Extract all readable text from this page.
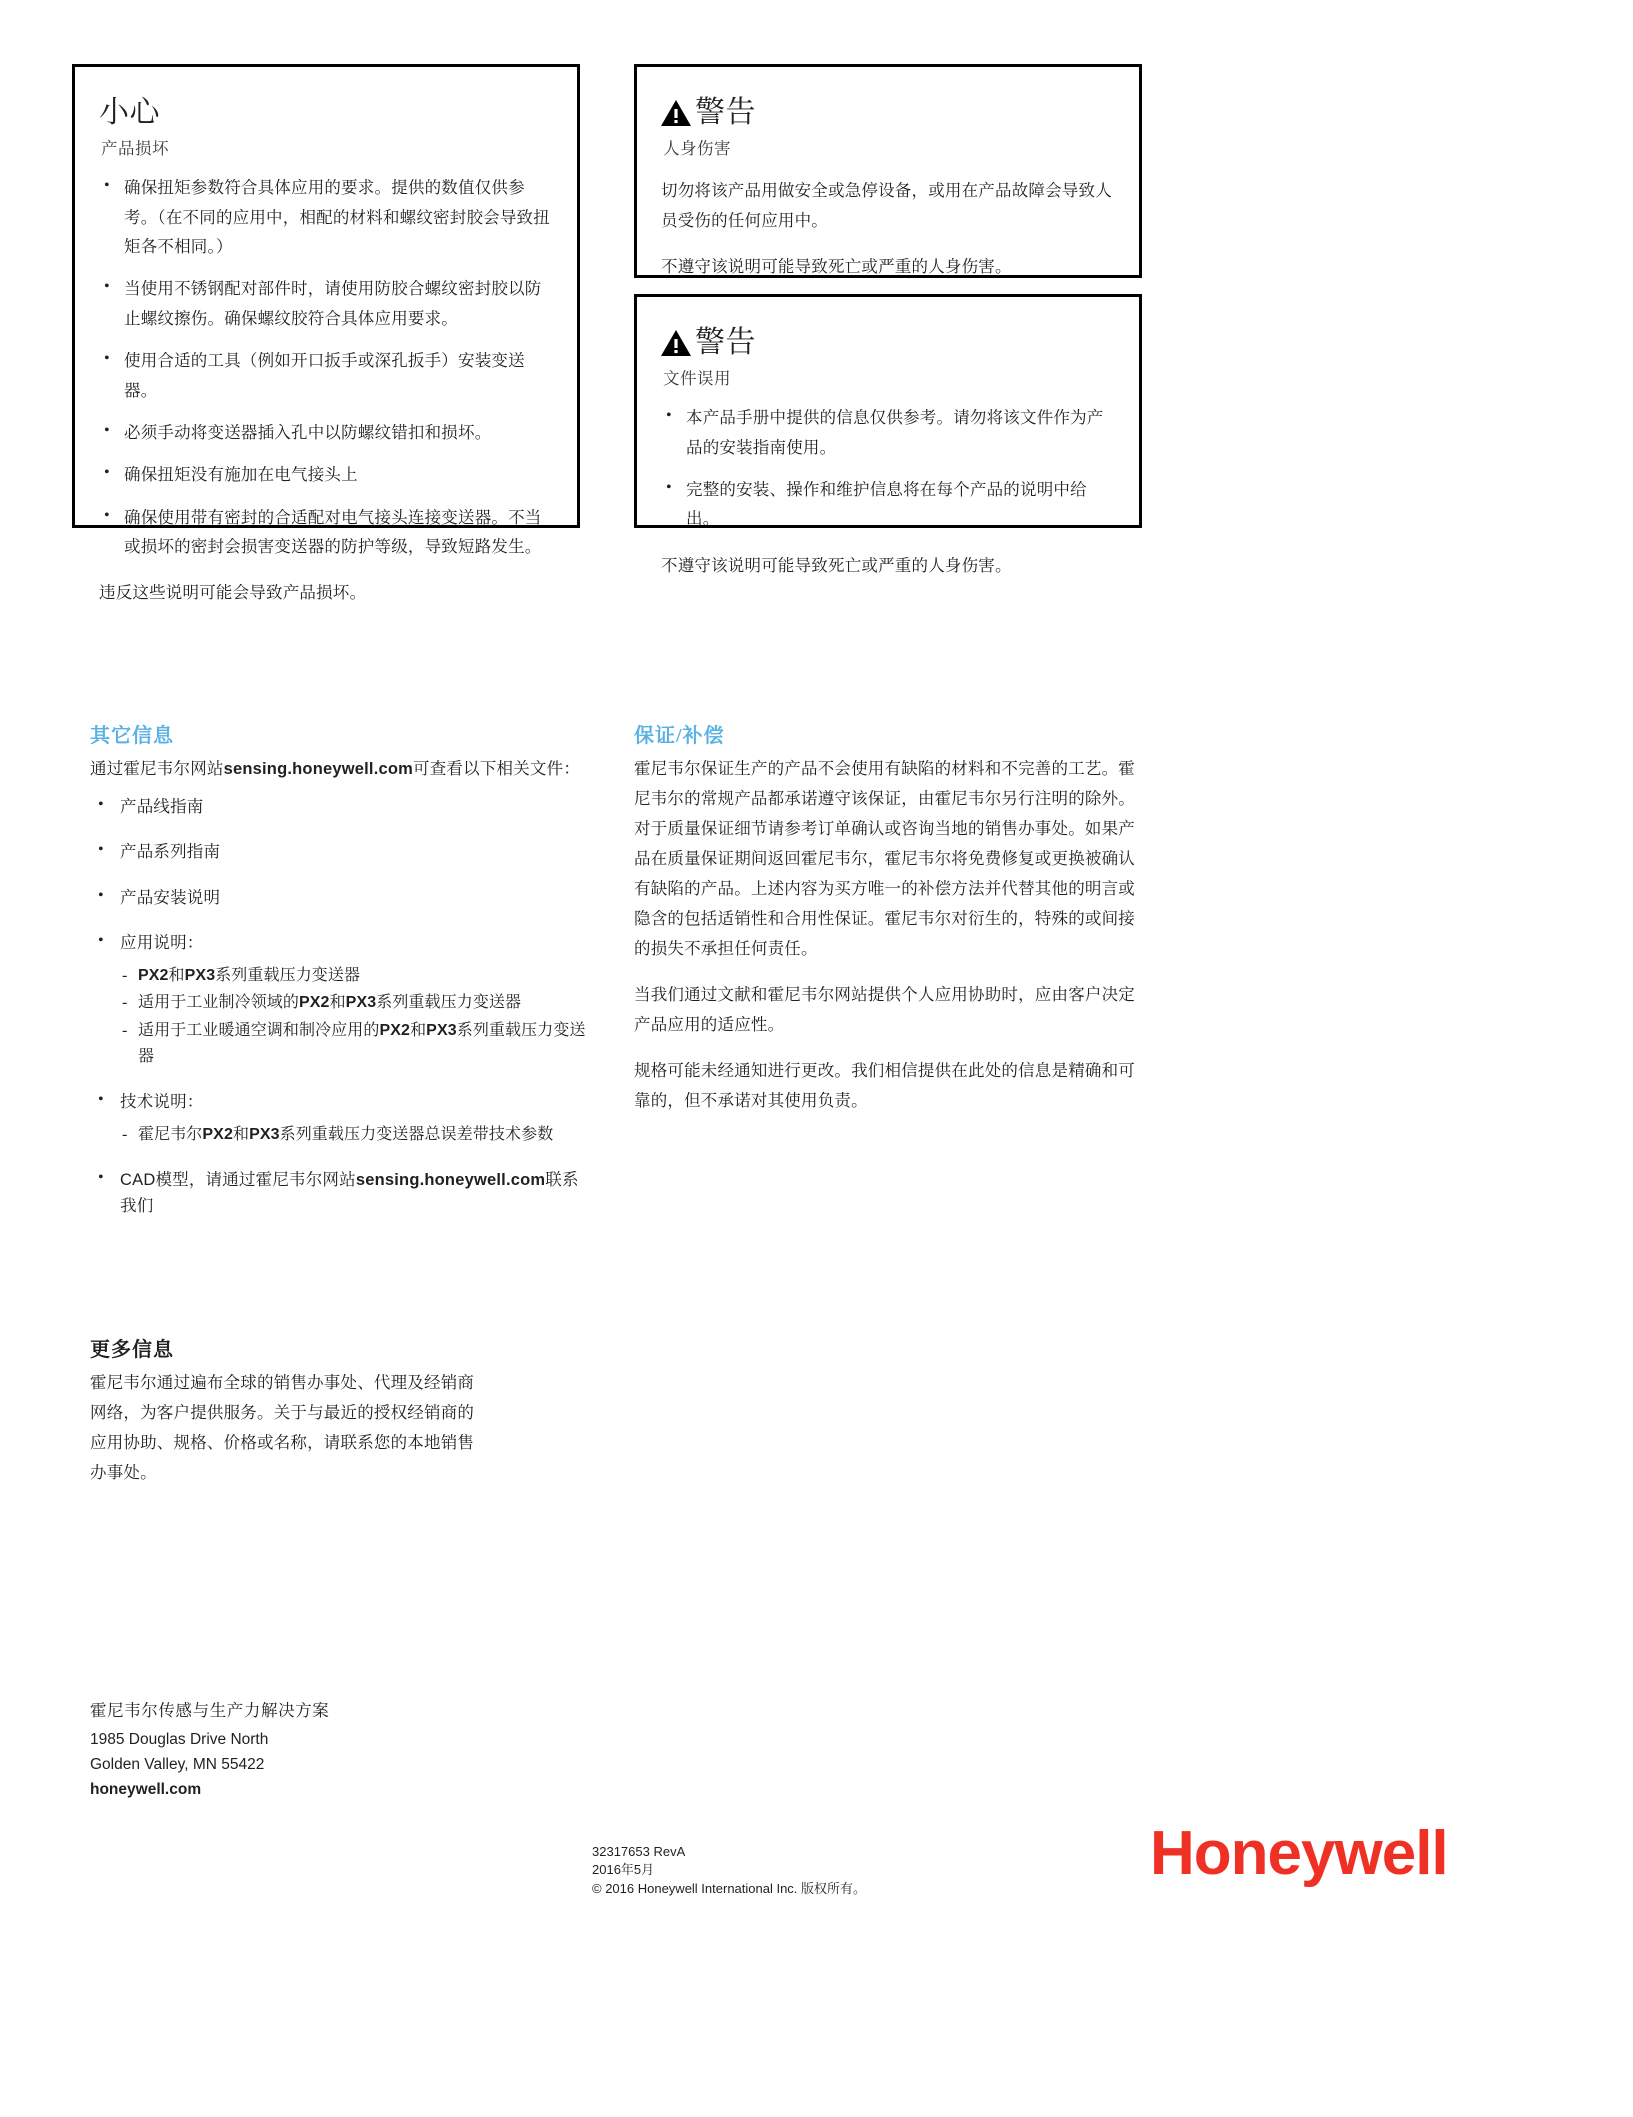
小心
产品损坏
• 确保扭矩参数符合具体应用的要求。提供的数值仅供参考。（在不同的应用中，相配的材料和螺纹密封胶会导致扭矩各不相同。）
• 当使用不锈钢配对部件时，请使用防胶合螺纹密封胶以防止螺纹擦伤。确保螺纹胶符合具体应用要求。
• 使用合适的工具（例如开口扳手或深孔扳手）安装变送器。
• 必须手动将变送器插入孔中以防螺纹错扣和损坏。
• 确保扭矩没有施加在电气接头上
• 确保使用带有密封的合适配对电气接头连接变送器。不当或损坏的密封会损害变送器的防护等级，导致短路发生。

违反这些说明可能会导致产品损坏。

警告
人身伤害

切勿将该产品用做安全或急停设备，或用在产品故障会导致人员受伤的任何应用中。

不遵守该说明可能导致死亡或严重的人身伤害。

警告
文件误用
• 本产品手册中提供的信息仅供参考。请勿将该文件作为产品的安装指南使用。
• 完整的安装、操作和维护信息将在每个产品的说明中给出。

不遵守该说明可能导致死亡或严重的人身伤害。

其它信息
通过霍尼韦尔网站sensing.honeywell.com可查看以下相关文件：
• 产品线指南
• 产品系列指南
• 产品安装说明
• 应用说明：
- PX2和PX3系列重载压力变送器
- 适用于工业制冷领域的PX2和PX3系列重载压力变送器
- 适用于工业暖通空调和制冷应用的PX2和PX3系列重载压力变送器
• 技术说明：
- 霍尼韦尔PX2和PX3系列重载压力变送器总误差带技术参数
• CAD模型，请通过霍尼韦尔网站sensing.honeywell.com联系我们
保证/补偿

霍尼韦尔保证生产的产品不会使用有缺陷的材料和不完善的工艺。霍尼韦尔的常规产品都承诺遵守该保证，由霍尼韦尔另行注明的除外。对于质量保证细节请参考订单确认或咨询当地的销售办事处。如果产品在质量保证期间返回霍尼韦尔，霍尼韦尔将免费修复或更换被确认有缺陷的产品。上述内容为买方唯一的补偿方法并代替其他的明言或隐含的包括适销性和合用性保证。霍尼韦尔对衍生的，特殊的或间接的损失不承担任何责任。

当我们通过文献和霍尼韦尔网站提供个人应用协助时，应由客户决定产品应用的适应性。

规格可能未经通知进行更改。我们相信提供在此处的信息是精确和可靠的，但不承诺对其使用负责。

更多信息

霍尼韦尔通过遍布全球的销售办事处、代理及经销商网络，为客户提供服务。关于与最近的授权经销商的应用协助、规格、价格或名称，请联系您的本地销售办事处。

霍尼韦尔传感与生产力解决方案
1985 Douglas Drive North
Golden Valley, MN 55422
honeywell.com
32317653 RevA
2016年5月
© 2016 Honeywell International Inc. 版权所有。
Honeywell
